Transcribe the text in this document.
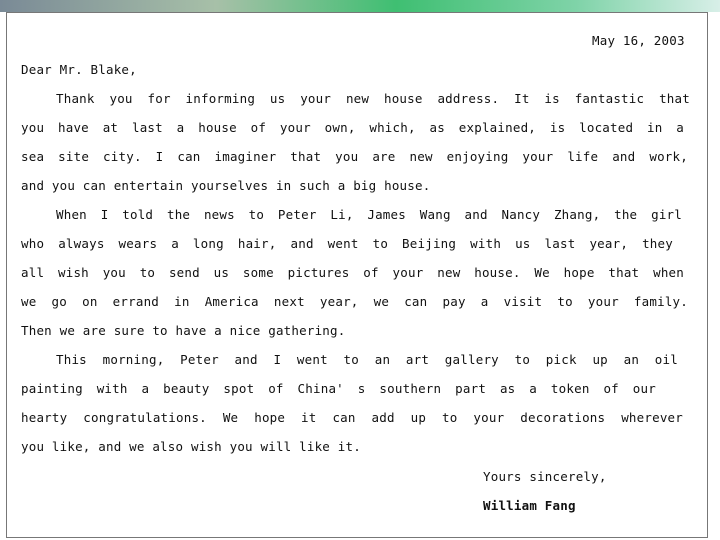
May 16, 2003
Dear Mr. Blake,
Thank you for informing us your new house address. It is fantastic that
you have at last a house of your own, which, as explained, is located in a
sea site city. I can imaginer that you are new enjoying your life and work,
and you can entertain yourselves in such a big house.
When I told the news to Peter Li, James Wang and Nancy Zhang, the girl
who always wears a long hair, and went to Beijing with us last year, they
all wish you to send us some pictures of your new house. We hope that when
we go on errand in America next year, we can pay a visit to your family.
Then we are sure to have a nice gathering.
This morning, Peter and I went to an art gallery to pick up an oil
painting with a beauty spot of China' s southern part as a token of our
hearty congratulations. We hope it can add up to your decorations wherever
you like, and we also wish you will like it.
Yours sincerely,
William Fang
